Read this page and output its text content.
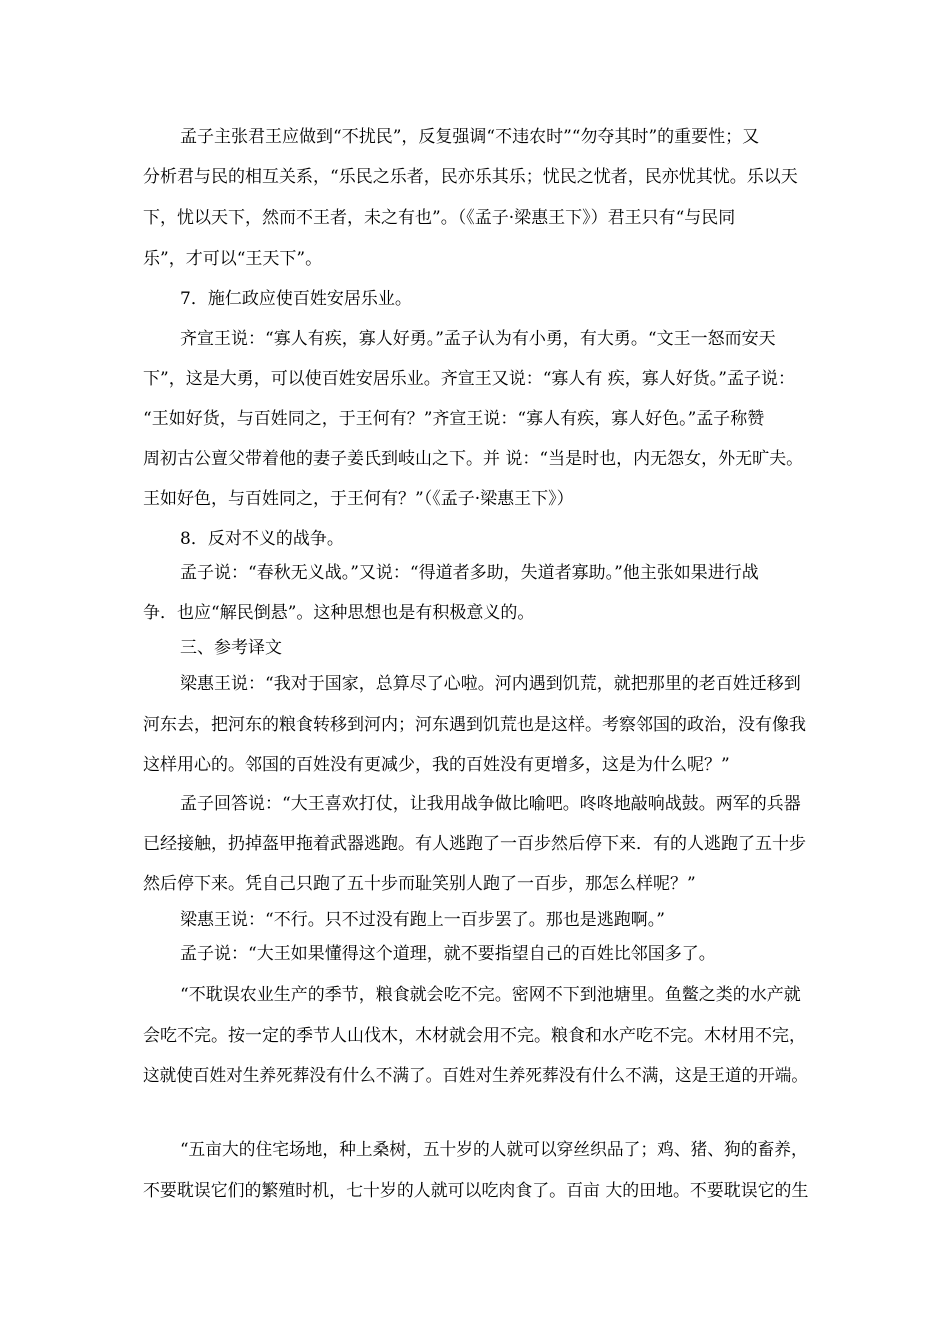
孟子主张君王应做到“不扰民”，反复强调“不违农时”“勿夺其时”的重要性；又
分析君与民的相互关系，“乐民之乐者，民亦乐其乐；忧民之忧者，民亦忧其忧。乐以天
下，忧以天下，然而不王者，未之有也”。（《孟子·梁惠王下》）君王只有“与民同
乐”，才可以“王天下”。
7．施仁政应使百姓安居乐业。
齐宣王说：“寡人有疾，寡人好勇。”孟子认为有小勇，有大勇。“文王一怒而安天
下”，这是大勇，可以使百姓安居乐业。齐宣王又说：“寡人有 疾，寡人好货。”孟子说：
“王如好货，与百姓同之，于王何有？”齐宣王说：“寡人有疾，寡人好色。”孟子称赞
周初古公亶父带着他的妻子姜氏到岐山之下。并 说：“当是时也，内无怨女，外无旷夫。
王如好色，与百姓同之，于王何有？”（《孟子·梁惠王下》）
8．反对不义的战争。
孟子说：“春秋无义战。”又说：“得道者多助，失道者寡助。”他主张如果进行战
争．也应“解民倒悬”。这种思想也是有积极意义的。
三、参考译文
梁惠王说：“我对于国家，总算尽了心啦。河内遇到饥荒，就把那里的老百姓迁移到
河东去，把河东的粮食转移到河内；河东遇到饥荒也是这样。考察邻国的政治，没有像我
这样用心的。邻国的百姓没有更减少，我的百姓没有更增多，这是为什么呢？”
孟子回答说：“大王喜欢打仗，让我用战争做比喻吧。咚咚地敲响战鼓。两军的兵器
已经接触，扔掉盔甲拖着武器逃跑。有人逃跑了一百步然后停下来．有的人逃跑了五十步
然后停下来。凭自己只跑了五十步而耻笑别人跑了一百步，那怎么样呢？”
梁惠王说：“不行。只不过没有跑上一百步罢了。那也是逃跑啊。”
孟子说：“大王如果懂得这个道理，就不要指望自己的百姓比邻国多了。
“不耽误农业生产的季节，粮食就会吃不完。密网不下到池塘里。鱼鳖之类的水产就
会吃不完。按一定的季节人山伐木，木材就会用不完。粮食和水产吃不完。木材用不完，
这就使百姓对生养死葬没有什么不满了。百姓对生养死葬没有什么不满，这是王道的开端。
“五亩大的住宅场地，种上桑树，五十岁的人就可以穿丝织品了；鸡、猪、狗的畜养，
不要耽误它们的繁殖时机，七十岁的人就可以吃肉食了。百亩 大的田地。不要耽误它的生
